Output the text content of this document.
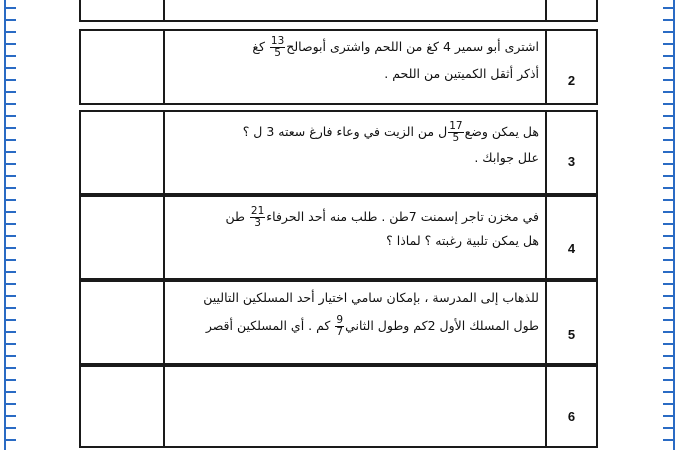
اشترى أبو سمير 4 كغ من اللحم واشترى أبوصالح
$\frac{13}{5}$
كغ
أذكر أثقل الكميتين من اللحم .	2
هل يمكن وضع
$\frac{17}{5}$
ل من الزيت في وعاء فارغ سعته 3 ل ؟
علل جوابك .	3
في مخزن تاجر إسمنت 7طن . طلب منه أحد الحرفاء
$\frac{21}{3}$
طن
هل يمكن تلبية رغبته ؟ لماذا ؟
4
للذهاب إلى المدرسة ، بإمكان سامي اختيار أحد المسلكين التاليين
طول المسلك الأول 2كم وطول الثاني
$\frac{9}{7}$
كم . أي المسلكين أقصر
5
6
